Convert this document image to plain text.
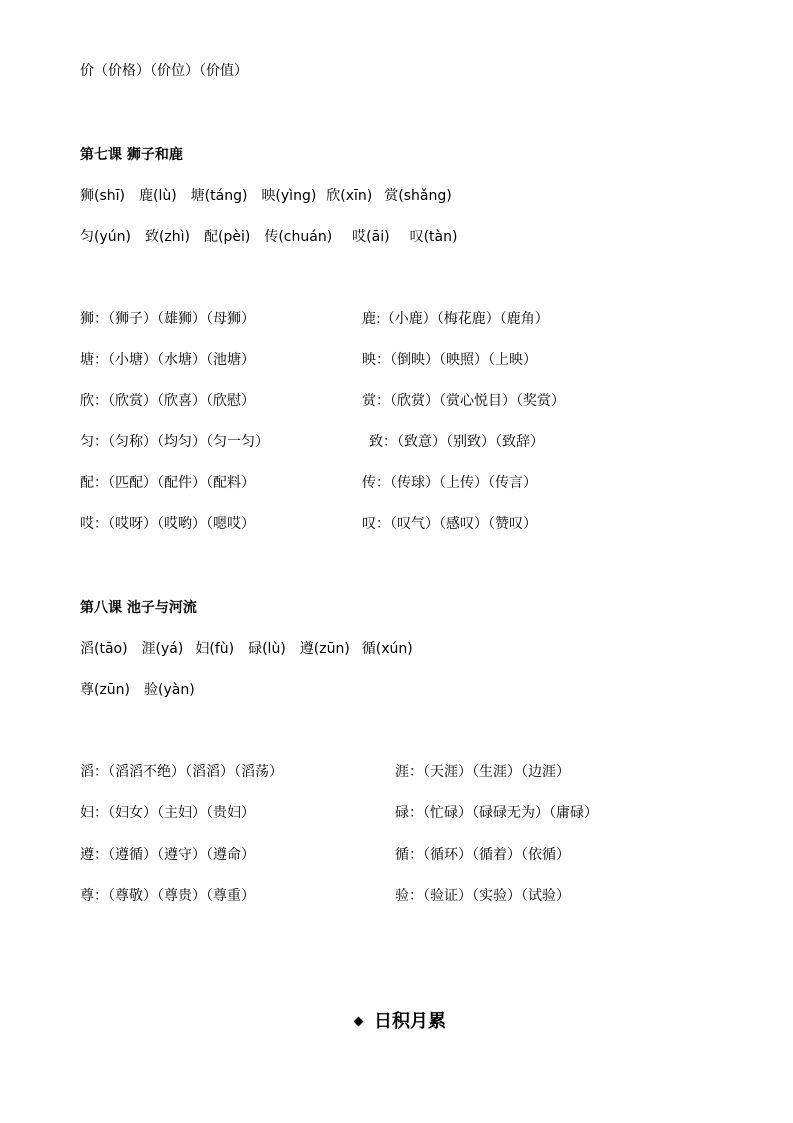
价（价格）（价位）（价值）
第七课 狮子和鹿
狮(shī) 鹿(lù) 塘(táng) 映(yìng) 欣(xīn) 赏(shǎng)
匀(yún) 致(zhì) 配(pèi) 传(chuán) 哎(āi) 叹(tàn)
狮：（狮子）（雄狮）（母狮）	鹿:（小鹿）（梅花鹿）（鹿角）
塘：（小塘）（水塘）（池塘）	映：（倒映）（映照）（上映）
欣：（欣赏）（欣喜）（欣慰）	赏：（欣赏）（赏心悦目）（奖赏）
匀：（匀称）（均匀）（匀一匀）	致：（致意）（别致）（致辞）
配：（匹配）（配件）（配料）	传：（传球）（上传）（传言）
哎：（哎呀）（哎哟）（嗯哎）	叹：（叹气）（感叹）（赞叹）
第八课 池子与河流
滔(tāo) 涯(yá) 妇(fù) 碌(lù) 遵(zūn) 循(xún)
尊(zūn) 验(yàn)
滔：（滔滔不绝）（滔滔）（滔荡）	涯：（天涯）（生涯）（边涯）
妇：（妇女）（主妇）（贵妇）	碌：（忙碌）（碌碌无为）（庸碌）
遵：（遵循）（遵守）（遵命）	循：（循环）（循着）（依循）
尊：（尊敬）（尊贵）（尊重）	验：（验证）（实验）（试验）
日积月累
